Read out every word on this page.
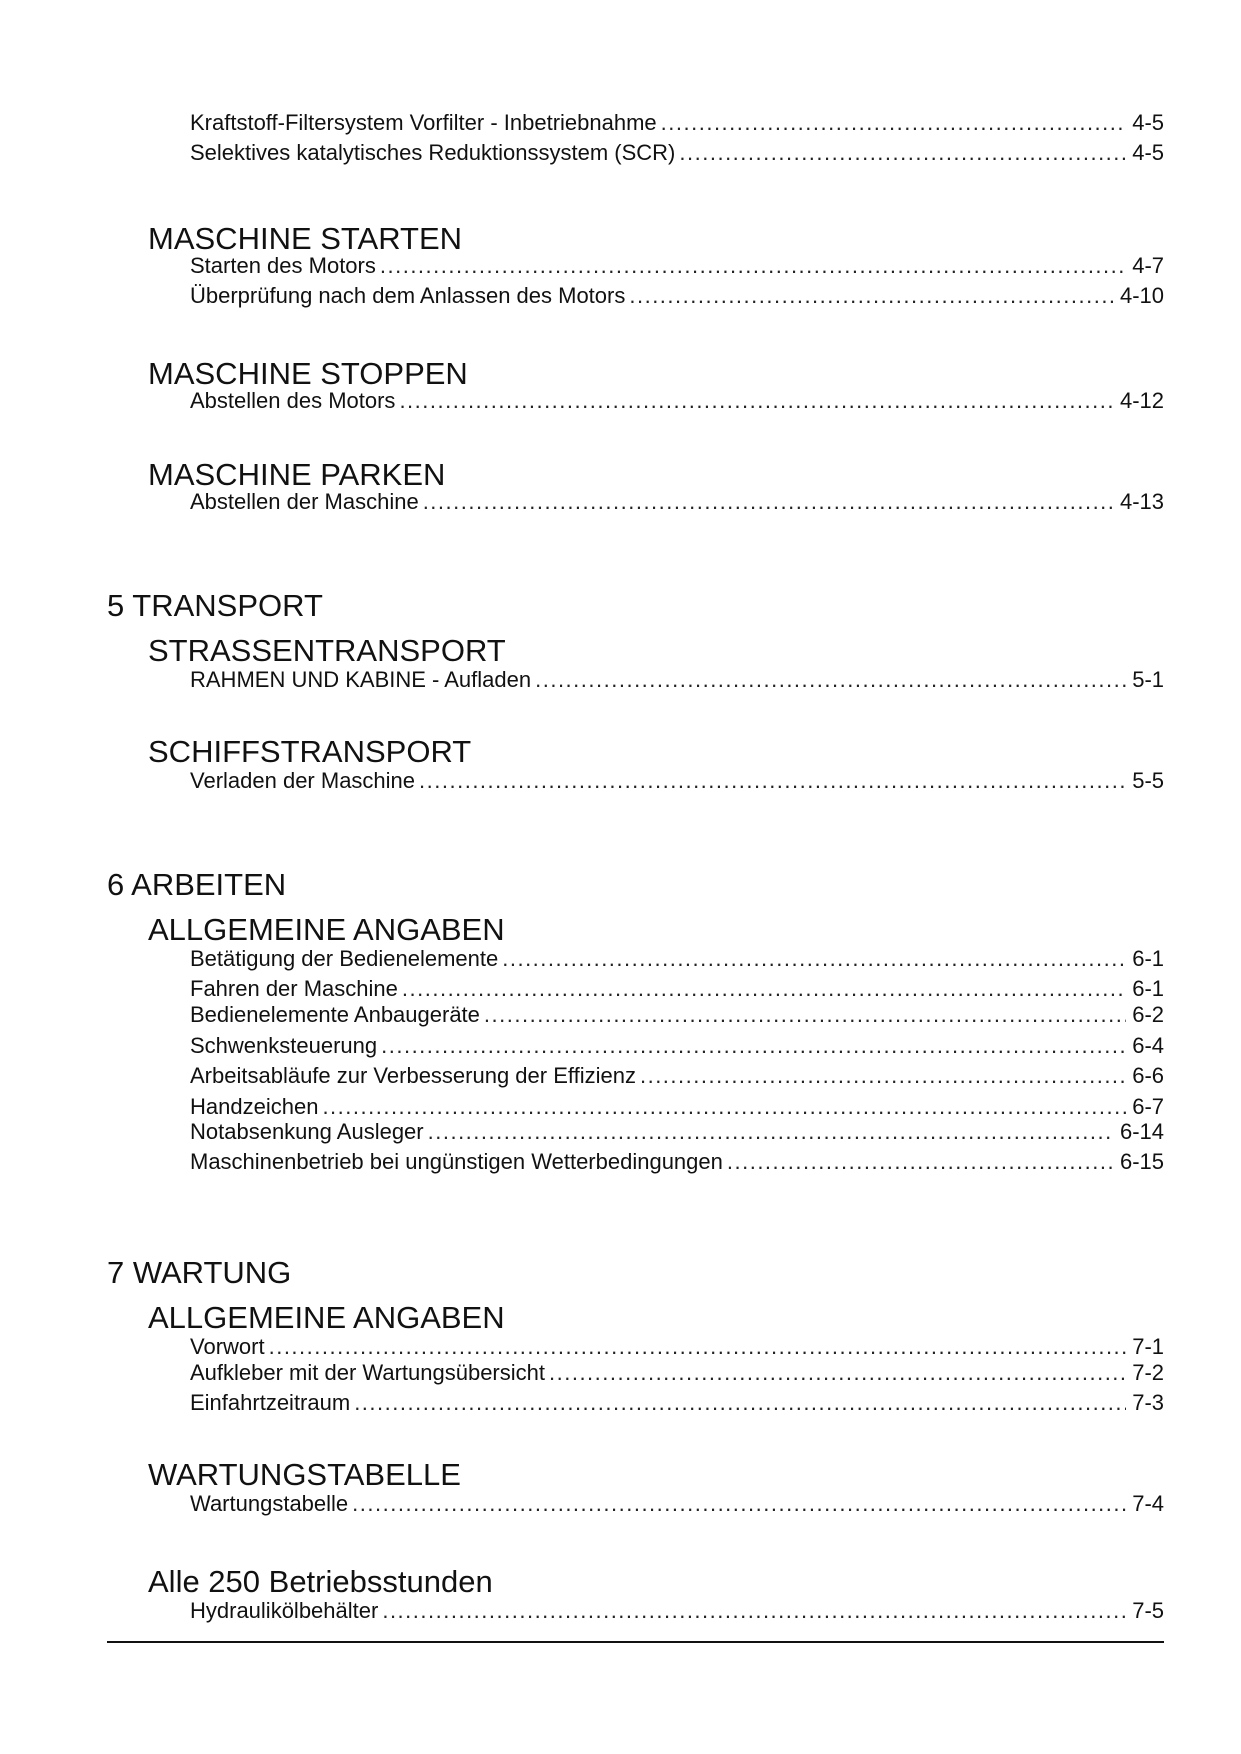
Kraftstoff-Filtersystem Vorfilter - Inbetriebnahme .....	4-5
Selektives katalytisches Reduktionssystem (SCR) .....	4-5
MASCHINE STARTEN
Starten des Motors .....	4-7
Überprüfung nach dem Anlassen des Motors .....	4-10
MASCHINE STOPPEN
Abstellen des Motors .....	4-12
MASCHINE PARKEN
Abstellen der Maschine .....	4-13
5 TRANSPORT
STRASSENTRANSPORT
RAHMEN UND KABINE - Aufladen .....	5-1
SCHIFFSTRANSPORT
Verladen der Maschine .....	5-5
6 ARBEITEN
ALLGEMEINE ANGABEN
Betätigung der Bedienelemente .....	6-1
Fahren der Maschine .....	6-1
Bedienelemente Anbaugeräte .....	6-2
Schwenksteuerung .....	6-4
Arbeitsabläufe zur Verbesserung der Effizienz .....	6-6
Handzeichen .....	6-7
Notabsenkung Ausleger .....	6-14
Maschinenbetrieb bei ungünstigen Wetterbedingungen .....	6-15
7 WARTUNG
ALLGEMEINE ANGABEN
Vorwort .....	7-1
Aufkleber mit der Wartungsübersicht .....	7-2
Einfahrtzeitraum .....	7-3
WARTUNGSTABELLE
Wartungstabelle .....	7-4
Alle 250 Betriebsstunden
Hydraulikölbehälter .....	7-5
